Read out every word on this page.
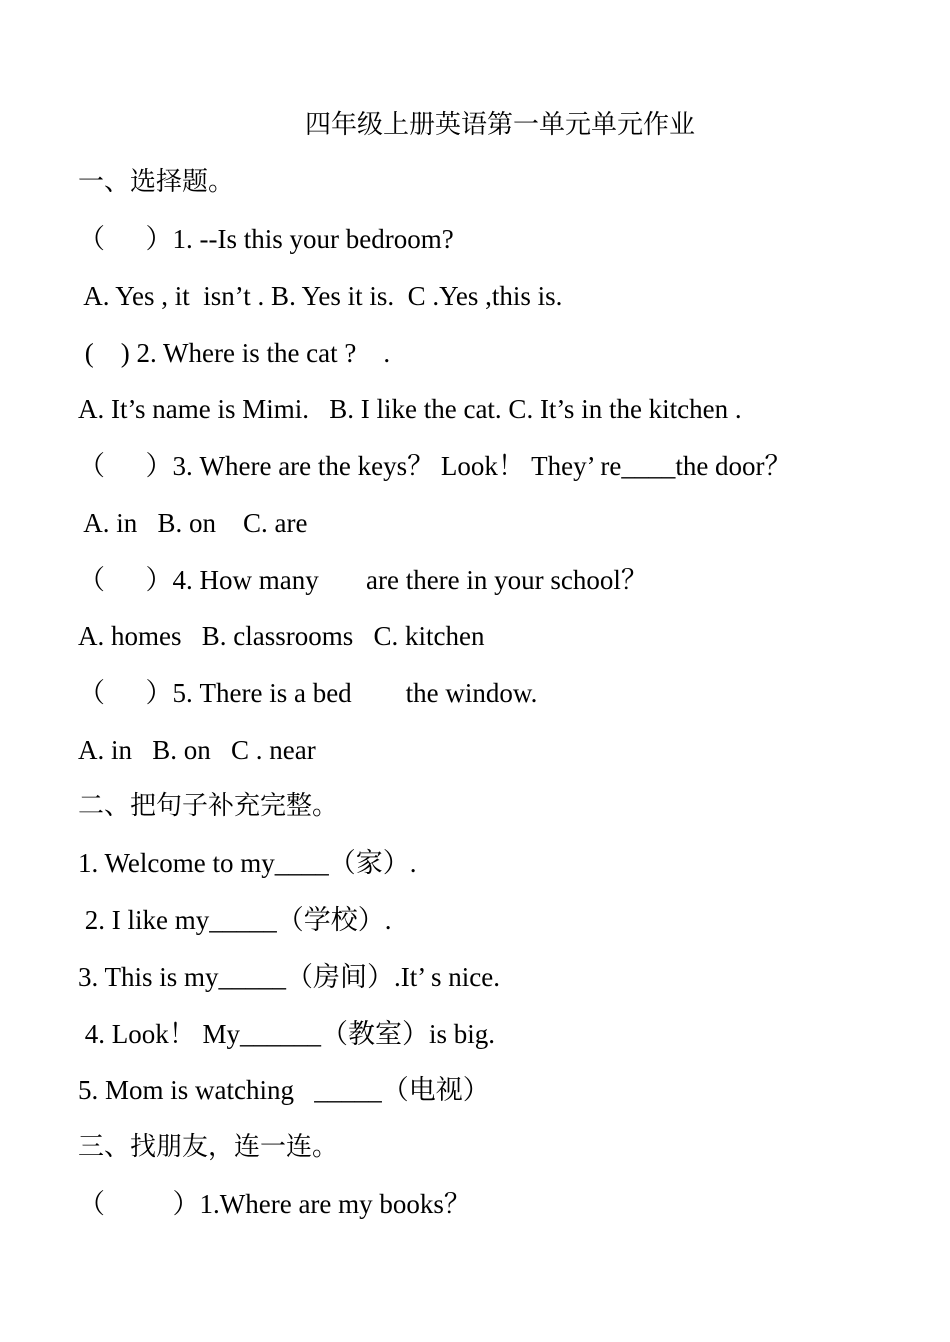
四年级上册英语第一单元单元作业
一、选择题。
（      ）1. --Is this your bedroom?
A. Yes , it  isn’t . B. Yes it is.  C .Yes ,this is.
(    ) 2. Where is the cat ?    .
A. It’s name is Mimi.   B. I like the cat. C. It’s in the kitchen .
（      ）3. Where are the keys？ Look！ They’ re____the door？
A. in   B. on    C. are
（      ）4. How many       are there in your school？
A. homes   B. classrooms   C. kitchen
（      ）5. There is a bed        the window.
A. in   B. on   C . near
二、把句子补充完整。
1. Welcome to my____（家）.
2. I like my_____（学校）.
3. This is my_____（房间）.It’ s nice.
4. Look！ My______（教室）is big.
5. Mom is watching   _____（电视）
三、找朋友，连一连。
（          ）1.Where are my books？
